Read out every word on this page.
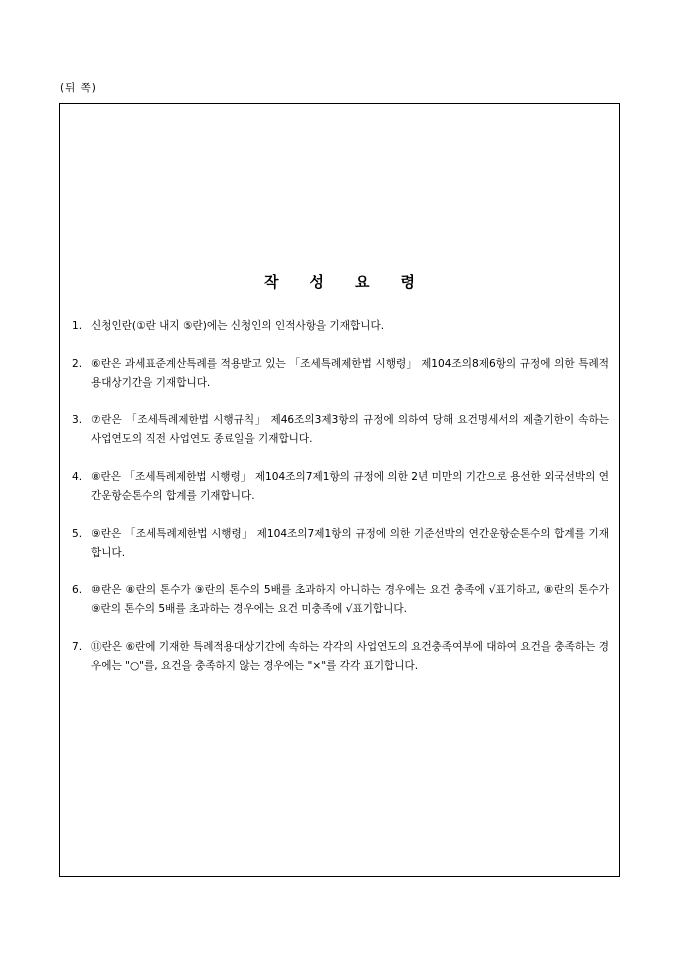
(뒤 쪽)
작성요령
1. 신청인란(①란 내지 ⑤란)에는 신청인의 인적사항을 기재합니다.
2. ⑥란은 과세표준계산특례를 적용받고 있는 「조세특례제한법 시행령」 제104조의8제6항의 규정에 의한 특례적용대상기간을 기재합니다.
3. ⑦란은 「조세특례제한법 시행규칙」 제46조의3제3항의 규정에 의하여 당해 요건명세서의 제출기한이 속하는 사업연도의 직전 사업연도 종료일을 기재합니다.
4. ⑧란은 「조세특례제한법 시행령」 제104조의7제1항의 규정에 의한 2년 미만의 기간으로 용선한 외국선박의 연간운항순톤수의 합계를 기재합니다.
5. ⑨란은 「조세특례제한법 시행령」 제104조의7제1항의 규정에 의한 기준선박의 연간운항순톤수의 합계를 기재합니다.
6. ⑩란은 ⑧란의 톤수가 ⑨란의 톤수의 5배를 초과하지 아니하는 경우에는 요건 충족에 √표기하고, ⑧란의 톤수가 ⑨란의 톤수의 5배를 초과하는 경우에는 요건 미충족에 √표기합니다.
7. ⑪란은 ⑥란에 기재한 특례적용대상기간에 속하는 각각의 사업연도의 요건충족여부에 대하여 요건을 충족하는 경우에는 "○"를, 요건을 충족하지 않는 경우에는 "×"를 각각 표기합니다.
